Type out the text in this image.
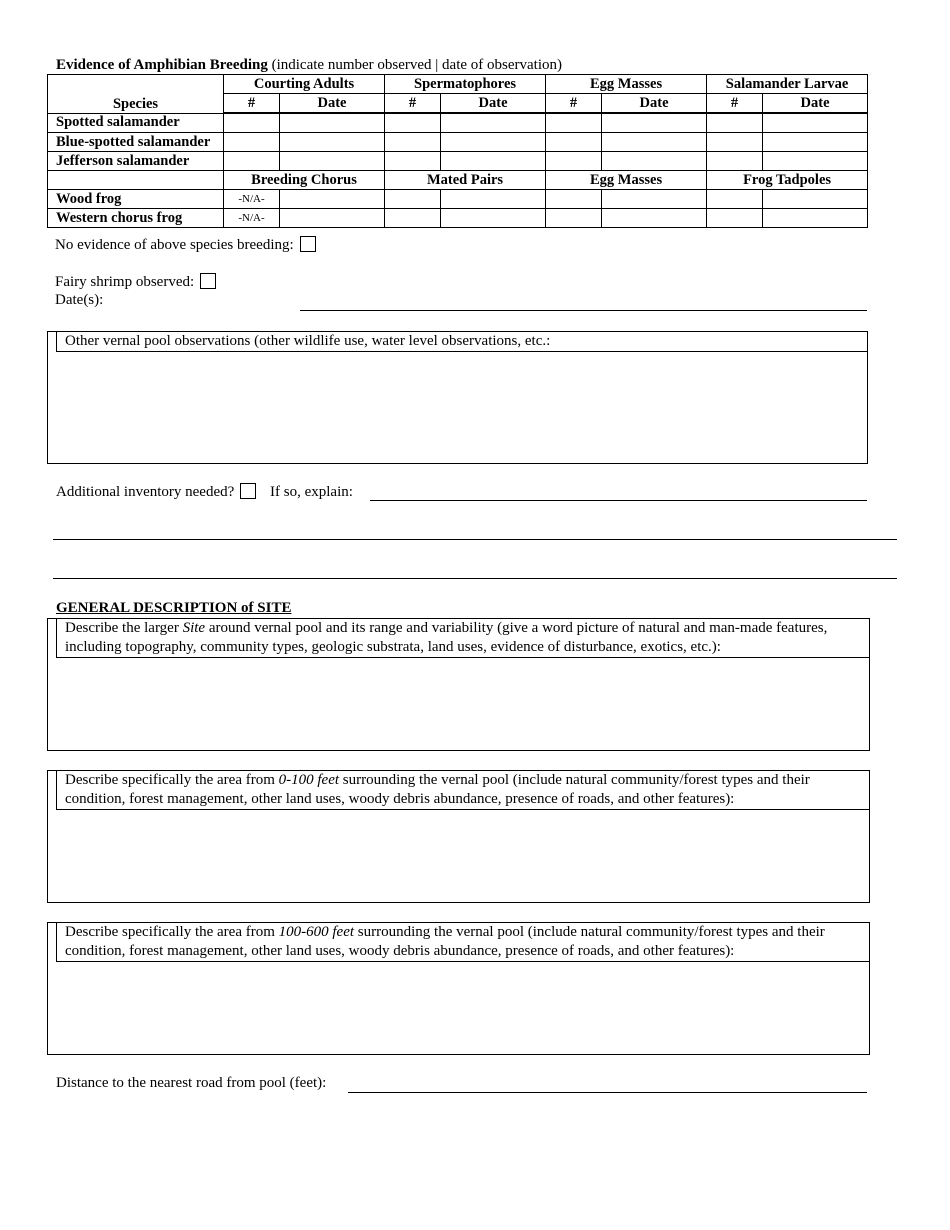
Evidence of Amphibian Breeding (indicate number observed | date of observation)
Species	Courting Adults		Spermatophores		Egg Masses		Salamander Larvae	
	#	Date	#	Date	#	Date	#	Date
Spotted salamander								
Blue-spotted salamander								
Jefferson salamander								
	Breeding Chorus		Mated Pairs		Egg Masses		Frog Tadpoles	
Wood frog	-N/A-							
Western chorus frog	-N/A-							
No evidence of above species breeding:
Fairy shrimp observed:
Date(s):
Other vernal pool observations (other wildlife use, water level observations, etc.:
Additional inventory needed? If so, explain:
GENERAL DESCRIPTION of SITE
Describe the larger Site around vernal pool and its range and variability (give a word picture of natural and man-made features, including topography, community types, geologic substrata, land uses, evidence of disturbance, exotics, etc.):
Describe specifically the area from 0-100 feet surrounding the vernal pool (include natural community/forest types and their condition, forest management, other land uses, woody debris abundance, presence of roads, and other features):
Describe specifically the area from 100-600 feet surrounding the vernal pool (include natural community/forest types and their condition, forest management, other land uses, woody debris abundance, presence of roads, and other features):
Distance to the nearest road from pool (feet):
